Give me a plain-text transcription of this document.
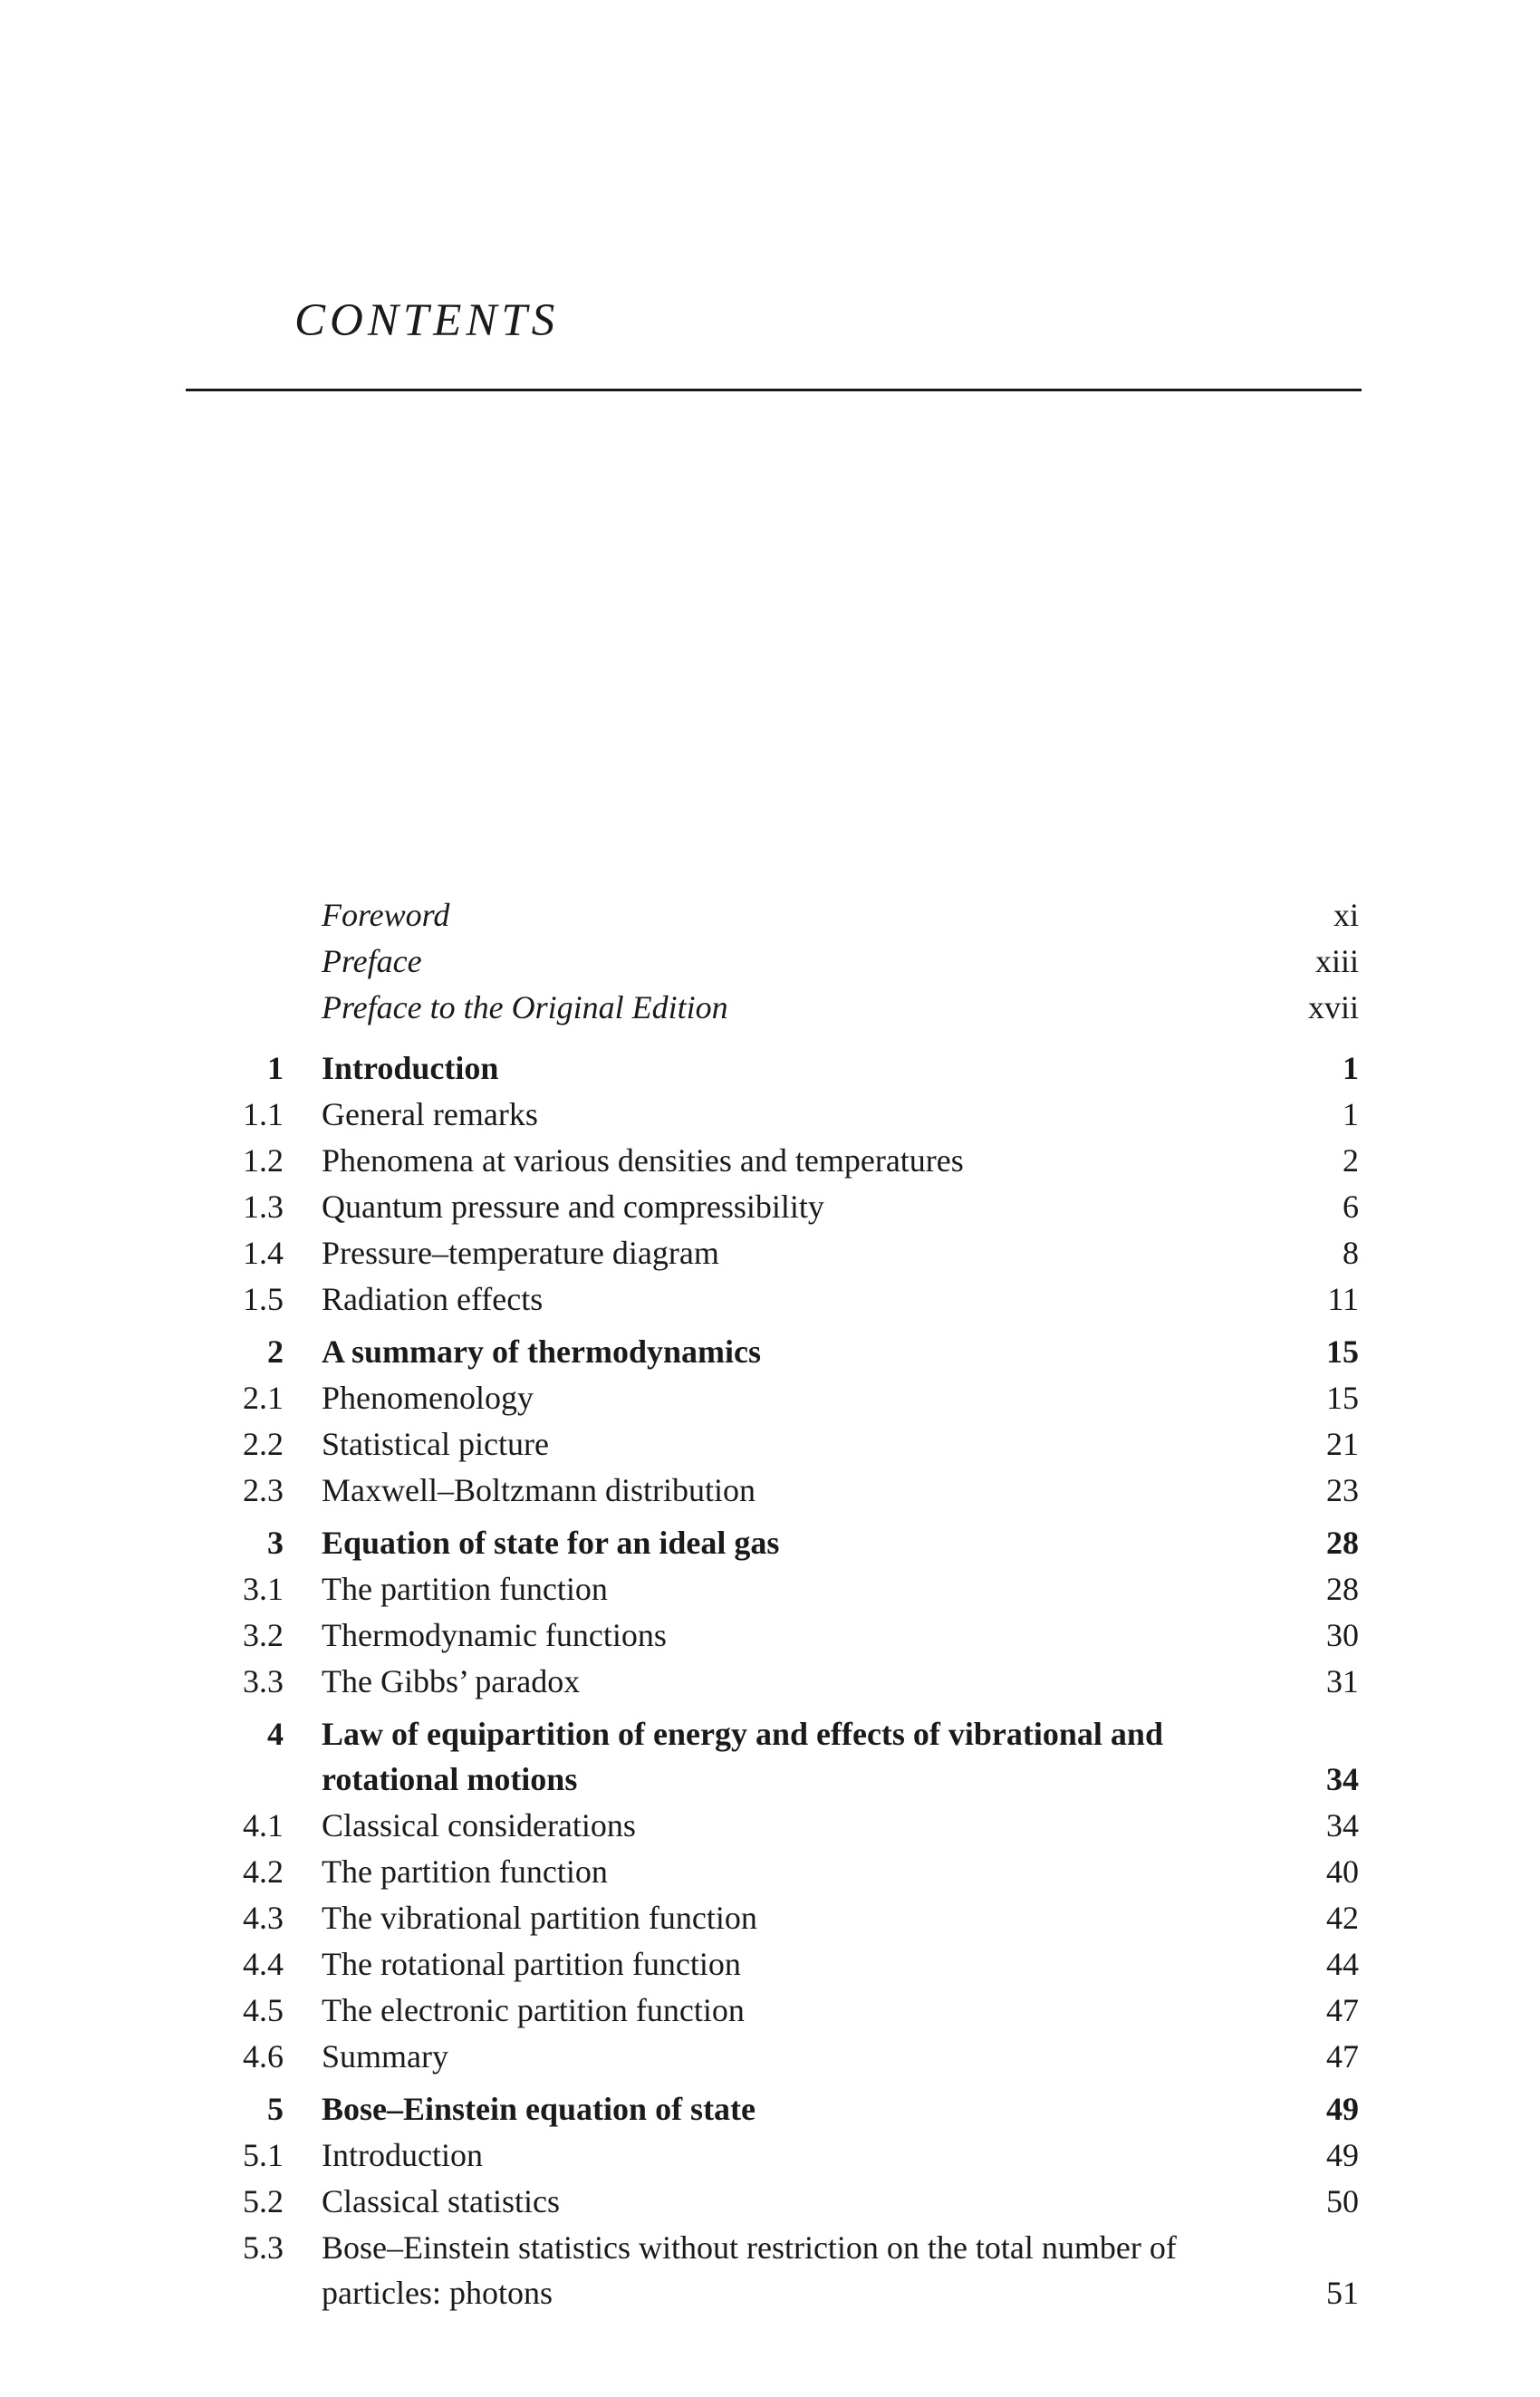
CONTENTS
Foreword	xi
Preface	xiii
Preface to the Original Edition	xvii
1 Introduction	1
1.1 General remarks	1
1.2 Phenomena at various densities and temperatures	2
1.3 Quantum pressure and compressibility	6
1.4 Pressure–temperature diagram	8
1.5 Radiation effects	11
2 A summary of thermodynamics	15
2.1 Phenomenology	15
2.2 Statistical picture	21
2.3 Maxwell–Boltzmann distribution	23
3 Equation of state for an ideal gas	28
3.1 The partition function	28
3.2 Thermodynamic functions	30
3.3 The Gibbs’ paradox	31
4 Law of equipartition of energy and effects of vibrational and rotational motions	34
4.1 Classical considerations	34
4.2 The partition function	40
4.3 The vibrational partition function	42
4.4 The rotational partition function	44
4.5 The electronic partition function	47
4.6 Summary	47
5 Bose–Einstein equation of state	49
5.1 Introduction	49
5.2 Classical statistics	50
5.3 Bose–Einstein statistics without restriction on the total number of particles: photons	51
